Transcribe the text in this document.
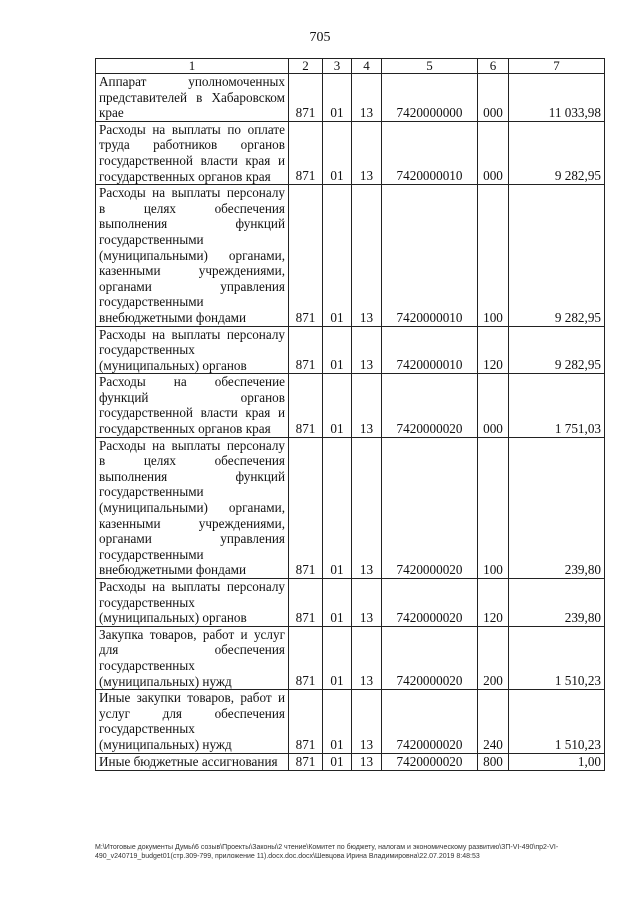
705
1	2	3	4	5	6	7
Аппарат уполномоченных представителей в Хабаровском крае	871	01	13	7420000000	000	11 033,98
Расходы на выплаты по оплате труда работников органов государственной власти края и государственных органов края	871	01	13	7420000010	000	9 282,95
Расходы на выплаты персоналу в целях обеспечения выполнения функций государственными (муниципальными) органами, казенными учреждениями, органами управления государственными внебюджетными фондами	871	01	13	7420000010	100	9 282,95
Расходы на выплаты персоналу государственных (муниципальных) органов	871	01	13	7420000010	120	9 282,95
Расходы на обеспечение функций органов государственной власти края и государственных органов края	871	01	13	7420000020	000	1 751,03
Расходы на выплаты персоналу в целях обеспечения выполнения функций государственными (муниципальными) органами, казенными учреждениями, органами управления государственными внебюджетными фондами	871	01	13	7420000020	100	239,80
Расходы на выплаты персоналу государственных (муниципальных) органов	871	01	13	7420000020	120	239,80
Закупка товаров, работ и услуг для обеспечения государственных (муниципальных) нужд	871	01	13	7420000020	200	1 510,23
Иные закупки товаров, работ и услуг для обеспечения государственных (муниципальных) нужд	871	01	13	7420000020	240	1 510,23
Иные бюджетные ассигнования	871	01	13	7420000020	800	1,00
M:\Итоговые документы Думы\6 созыв\Проекты\Законы\2 чтение\Комитет по бюджету, налогам и экономическому развитию\ЗП-VI-490\пр2-VI-490_v240719_budget01(стр.309-799, приложение 11).docx.doc.docx\Шевцова Ирина Владимировна\22.07.2019 8:48:53
